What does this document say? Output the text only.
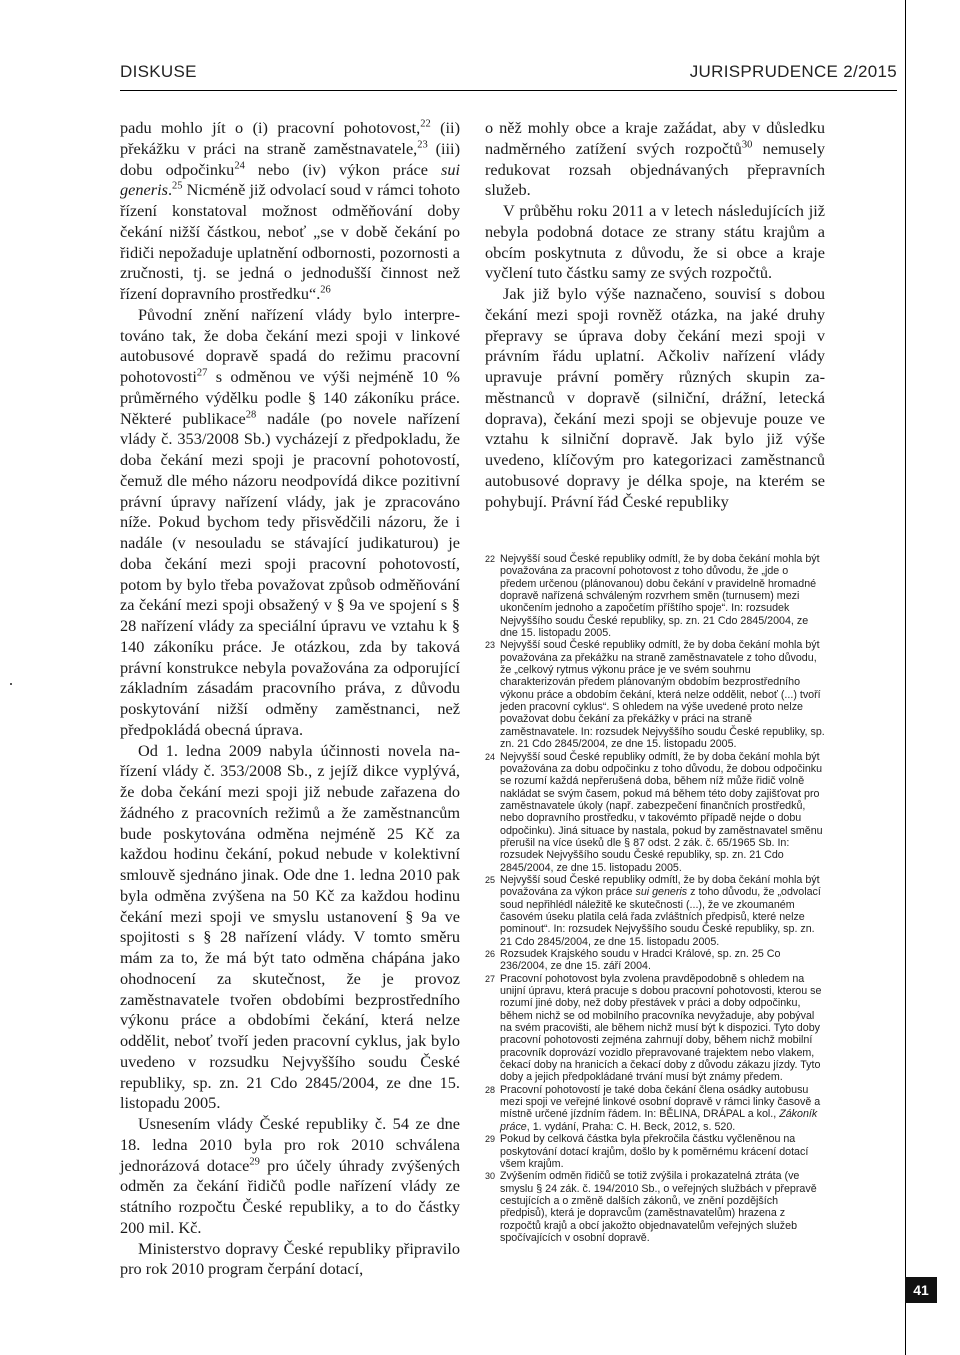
DISKUSE	JURISPRUDENCE 2/2015

padu mohlo jít o (i) pracovní pohotovost,$^{22}$ (ii) překážku v práci na straně zaměstnavatele,$^{23}$ (iii) dobu odpočinku$^{24}$ nebo (iv) výkon práce sui generis.$^{25}$ Nicméně již odvolací soud v rámci tohoto řízení konstatoval možnost odměňování doby čekání nižší částkou, neboť „se v době čekání po řidiči nepožaduje uplatnění odbornosti, pozornosti a zručnosti, tj. se jedná o jednodušší činnost než řízení dopravního prostředku“.$^{26}$

Původní znění nařízení vlády bylo interpretováno tak, že doba čekání mezi spoji v linkové autobusové dopravě spadá do režimu pracovní pohotovosti$^{27}$ s odměnou ve výši nejméně 10 % průměrného výdělku podle § 140 zákoníku práce. Některé publikace$^{28}$ nadále (po novele nařízení vlády č. 353/2008 Sb.) vycházejí z předpokladu, že doba čekání mezi spoji je pracovní pohotovostí, čemuž dle mého názoru neodpovídá dikce pozitivní právní úpravy nařízení vlády, jak je zpracováno níže. Pokud bychom tedy přisvědčili názoru, že i nadále (v nesouladu se stávající judikaturou) je doba čekání mezi spoji pracovní pohotovostí, potom by bylo třeba považovat způsob odměňování za čekání mezi spoji obsažený v § 9a ve spojení s § 28 nařízení vlády za speciální úpravu ve vztahu k § 140 zákoníku práce. Je otázkou, zda by taková právní konstrukce nebyla považována za odporující základním zásadám pracovního práva, z důvodu poskytování nižší odměny zaměstnanci, než předpokládá obecná úprava.

Od 1. ledna 2009 nabyla účinnosti novela nařízení vlády č. 353/2008 Sb., z jejíž dikce vyplývá, že doba čekání mezi spoji již nebude zařazena do žádného z pracovních režimů a že zaměstnancům bude poskytována odměna nejméně 25 Kč za každou hodinu čekání, pokud nebude v kolektivní smlouvě sjednáno jinak. Ode dne 1. ledna 2010 pak byla odměna zvýšena na 50 Kč za každou hodinu čekání mezi spoji ve smyslu ustanovení § 9a ve spojitosti s § 28 nařízení vlády. V tomto směru mám za to, že má být tato odměna chápána jako ohodnocení za skutečnost, že je provoz zaměstnavatele tvořen obdobími bezprostředního výkonu práce a obdobími čekání, která nelze oddělit, neboť tvoří jeden pracovní cyklus, jak bylo uvedeno v rozsudku Nejvyššího soudu České republiky, sp. zn. 21 Cdo 2845/2004, ze dne 15. listopadu 2005.

Usnesením vlády České republiky č. 54 ze dne 18. ledna 2010 byla pro rok 2010 schválena jednorázová dotace$^{29}$ pro účely úhrady zvýšených odměn za čekání řidičů podle nařízení vlády ze státního rozpočtu České republiky, a to do částky 200 mil. Kč.

Ministerstvo dopravy České republiky připravilo pro rok 2010 program čerpání dotací,

o něž mohly obce a kraje zažádat, aby v důsledku nadměrného zatížení svých rozpočtů$^{30}$ nemusely redukovat rozsah objednávaných přepravních služeb.

V průběhu roku 2011 a v letech následujících již nebyla podobná dotace ze strany státu krajům a obcím poskytnuta z důvodu, že si obce a kraje vyčlení tuto částku samy ze svých rozpočtů.

Jak již bylo výše naznačeno, souvisí s dobou čekání mezi spoji rovněž otázka, na jaké druhy přepravy se úprava doby čekání mezi spoji v právním řádu uplatní. Ačkoliv nařízení vlády upravuje právní poměry různých skupin zaměstnanců v dopravě (silniční, drážní, letecká doprava), čekání mezi spoji se objevuje pouze ve vztahu k silniční dopravě. Jak bylo již výše uvedeno, klíčovým pro kategorizaci zaměstnanců autobusové dopravy je délka spoje, na kterém se pohybují. Právní řád České republiky

22 Nejvyšší soud České republiky odmítl, že by doba čekání mohla být považována za pracovní pohotovost z toho důvodu, že „jde o předem určenou (plánovanou) dobu čekání v pravidelně hromadné dopravě nařízená schváleným rozvrhem směn (turnusem) mezi ukončením jednoho a započetím příštího spoje“. In: rozsudek Nejvyššího soudu České republiky, sp. zn. 21 Cdo 2845/2004, ze dne 15. listopadu 2005.
23 Nejvyšší soud České republiky odmítl, že by doba čekání mohla být považována za překážku na straně zaměstnavatele z toho důvodu, že „celkový rytmus výkonu práce je ve svém souhrnu charakterizován předem plánovaným obdobím bezprostředního výkonu práce a obdobím čekání, která nelze oddělit, neboť (...) tvoří jeden pracovní cyklus“. S ohledem na výše uvedené proto nelze považovat dobu čekání za překážky v práci na straně zaměstnavatele. In: rozsudek Nejvyššího soudu České republiky, sp. zn. 21 Cdo 2845/2004, ze dne 15. listopadu 2005.
24 Nejvyšší soud České republiky odmítl, že by doba čekání mohla být považována za dobu odpočinku z toho důvodu, že dobou odpočinku se rozumí každá nepřerušená doba, během níž může řidič volně nakládat se svým časem, pokud má během této doby zajišťovat pro zaměstnavatele úkoly (např. zabezpečení finančních prostředků, nebo dopravního prostředku, v takovémto případě nejde o dobu odpočinku). Jiná situace by nastala, pokud by zaměstnavatel směnu přerušil na více úseků dle § 87 odst. 2 zák. č. 65/1965 Sb. In: rozsudek Nejvyššího soudu České republiky, sp. zn. 21 Cdo 2845/2004, ze dne 15. listopadu 2005.
25 Nejvyšší soud České republiky odmítl, že by doba čekání mohla být považována za výkon práce sui generis z toho důvodu, že „odvolací soud nepřihlédl náležitě ke skutečnosti (...), že ve zkoumaném časovém úseku platila celá řada zvláštních předpisů, které nelze pominout“. In: rozsudek Nejvyššího soudu České republiky, sp. zn. 21 Cdo 2845/2004, ze dne 15. listopadu 2005.
26 Rozsudek Krajského soudu v Hradci Králové, sp. zn. 25 Co 236/2004, ze dne 15. září 2004.
27 Pracovní pohotovost byla zvolena pravděpodobně s ohledem na unijní úpravu, která pracuje s dobou pracovní pohotovosti, kterou se rozumí jiné doby, než doby přestávek v práci a doby odpočinku, během nichž se od mobilního pracovníka nevyžaduje, aby pobýval na svém pracovišti, ale během nichž musí být k dispozici. Tyto doby pracovní pohotovosti zejména zahrnují doby, během nichž mobilní pracovník doprovází vozidlo přepravované trajektem nebo vlakem, čekací doby na hranicích a čekací doby z důvodu zákazu jízdy. Tyto doby a jejich předpokládané trvání musí být známy předem.
28 Pracovní pohotovostí je také doba čekání člena osádky autobusu mezi spoji ve veřejné linkové osobní dopravě v rámci linky časově a místně určené jízdním řádem. In: BĚLINA, DRÁPAL a kol., Zákoník práce, 1. vydání, Praha: C. H. Beck, 2012, s. 520.
29 Pokud by celková částka byla překročila částku vyčleněnou na poskytování dotací krajům, došlo by k poměrnému krácení dotací všem krajům.
30 Zvýšením odměn řidičů se totiž zvýšila i prokazatelná ztráta (ve smyslu § 24 zák. č. 194/2010 Sb., o veřejných službách v přepravě cestujících a o změně dalších zákonů, ve znění pozdějších předpisů), která je dopravcům (zaměstnavatelům) hrazena z rozpočtů krajů a obcí jakožto objednavatelům veřejných služeb spočívajících v osobní dopravě.
41
